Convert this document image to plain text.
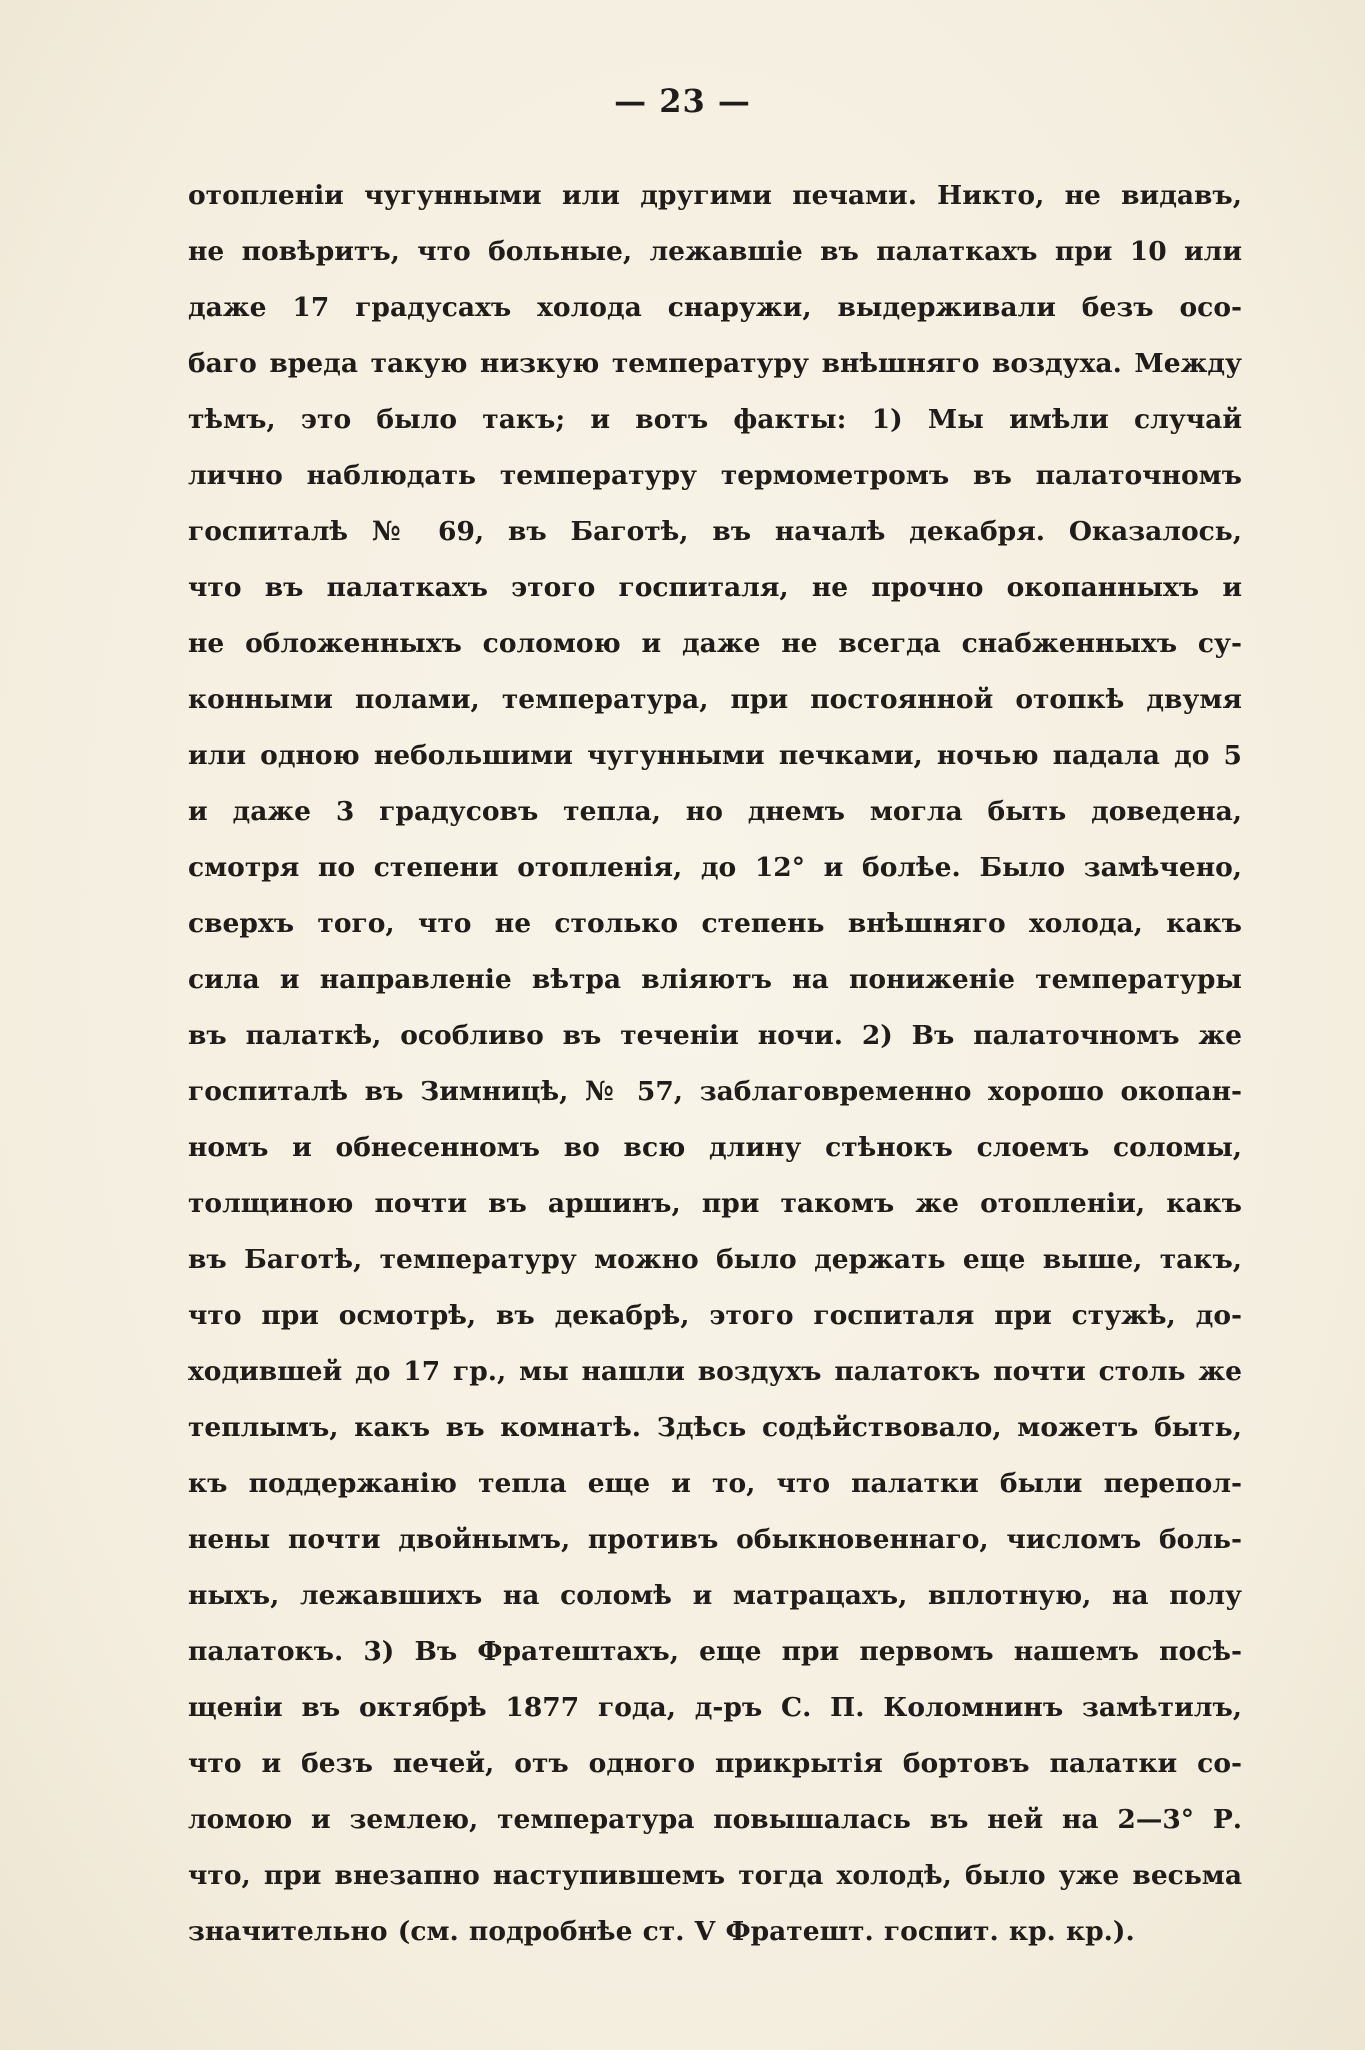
— 23 —
отопленіи чугунными или другими печами. Никто, не видавъ,
не повѣритъ, что больные, лежавшіе въ палаткахъ при 10 или
даже 17 градусахъ холода снаружи, выдерживали безъ осо-
баго вреда такую низкую температуру внѣшняго воздуха. Между
тѣмъ, это было такъ; и вотъ факты: 1) Мы имѣли случай
лично наблюдать температуру термометромъ въ палаточномъ
госпиталѣ № 69, въ Баготѣ, въ началѣ декабря. Оказалось,
что въ палаткахъ этого госпиталя, не прочно окопанныхъ и
не обложенныхъ соломою и даже не всегда снабженныхъ су-
конными полами, температура, при постоянной отопкѣ двумя
или одною небольшими чугунными печками, ночью падала до 5
и даже 3 градусовъ тепла, но днемъ могла быть доведена,
смотря по степени отопленія, до 12° и болѣе. Было замѣчено,
сверхъ того, что не столько степень внѣшняго холода, какъ
сила и направленіе вѣтра вліяютъ на пониженіе температуры
въ палаткѣ, особливо въ теченіи ночи. 2) Въ палаточномъ же
госпиталѣ въ Зимницѣ, № 57, заблаговременно хорошо окопан-
номъ и обнесенномъ во всю длину стѣнокъ слоемъ соломы,
толщиною почти въ аршинъ, при такомъ же отопленіи, какъ
въ Баготѣ, температуру можно было держать еще выше, такъ,
что при осмотрѣ, въ декабрѣ, этого госпиталя при стужѣ, до-
ходившей до 17 гр., мы нашли воздухъ палатокъ почти столь же
теплымъ, какъ въ комнатѣ. Здѣсь содѣйствовало, можетъ быть,
къ поддержанію тепла еще и то, что палатки были перепол-
нены почти двойнымъ, противъ обыкновеннаго, числомъ боль-
ныхъ, лежавшихъ на соломѣ и матрацахъ, вплотную, на полу
палатокъ. 3) Въ Фратештахъ, еще при первомъ нашемъ посѣ-
щеніи въ октябрѣ 1877 года, д-ръ С. П. Коломнинъ замѣтилъ,
что и безъ печей, отъ одного прикрытія бортовъ палатки со-
ломою и землею, температура повышалась въ ней на 2—3° Р.
что, при внезапно наступившемъ тогда холодѣ, было уже весьма
значительно (см. подробнѣе ст. V Фратешт. госпит. кр. кр.).
